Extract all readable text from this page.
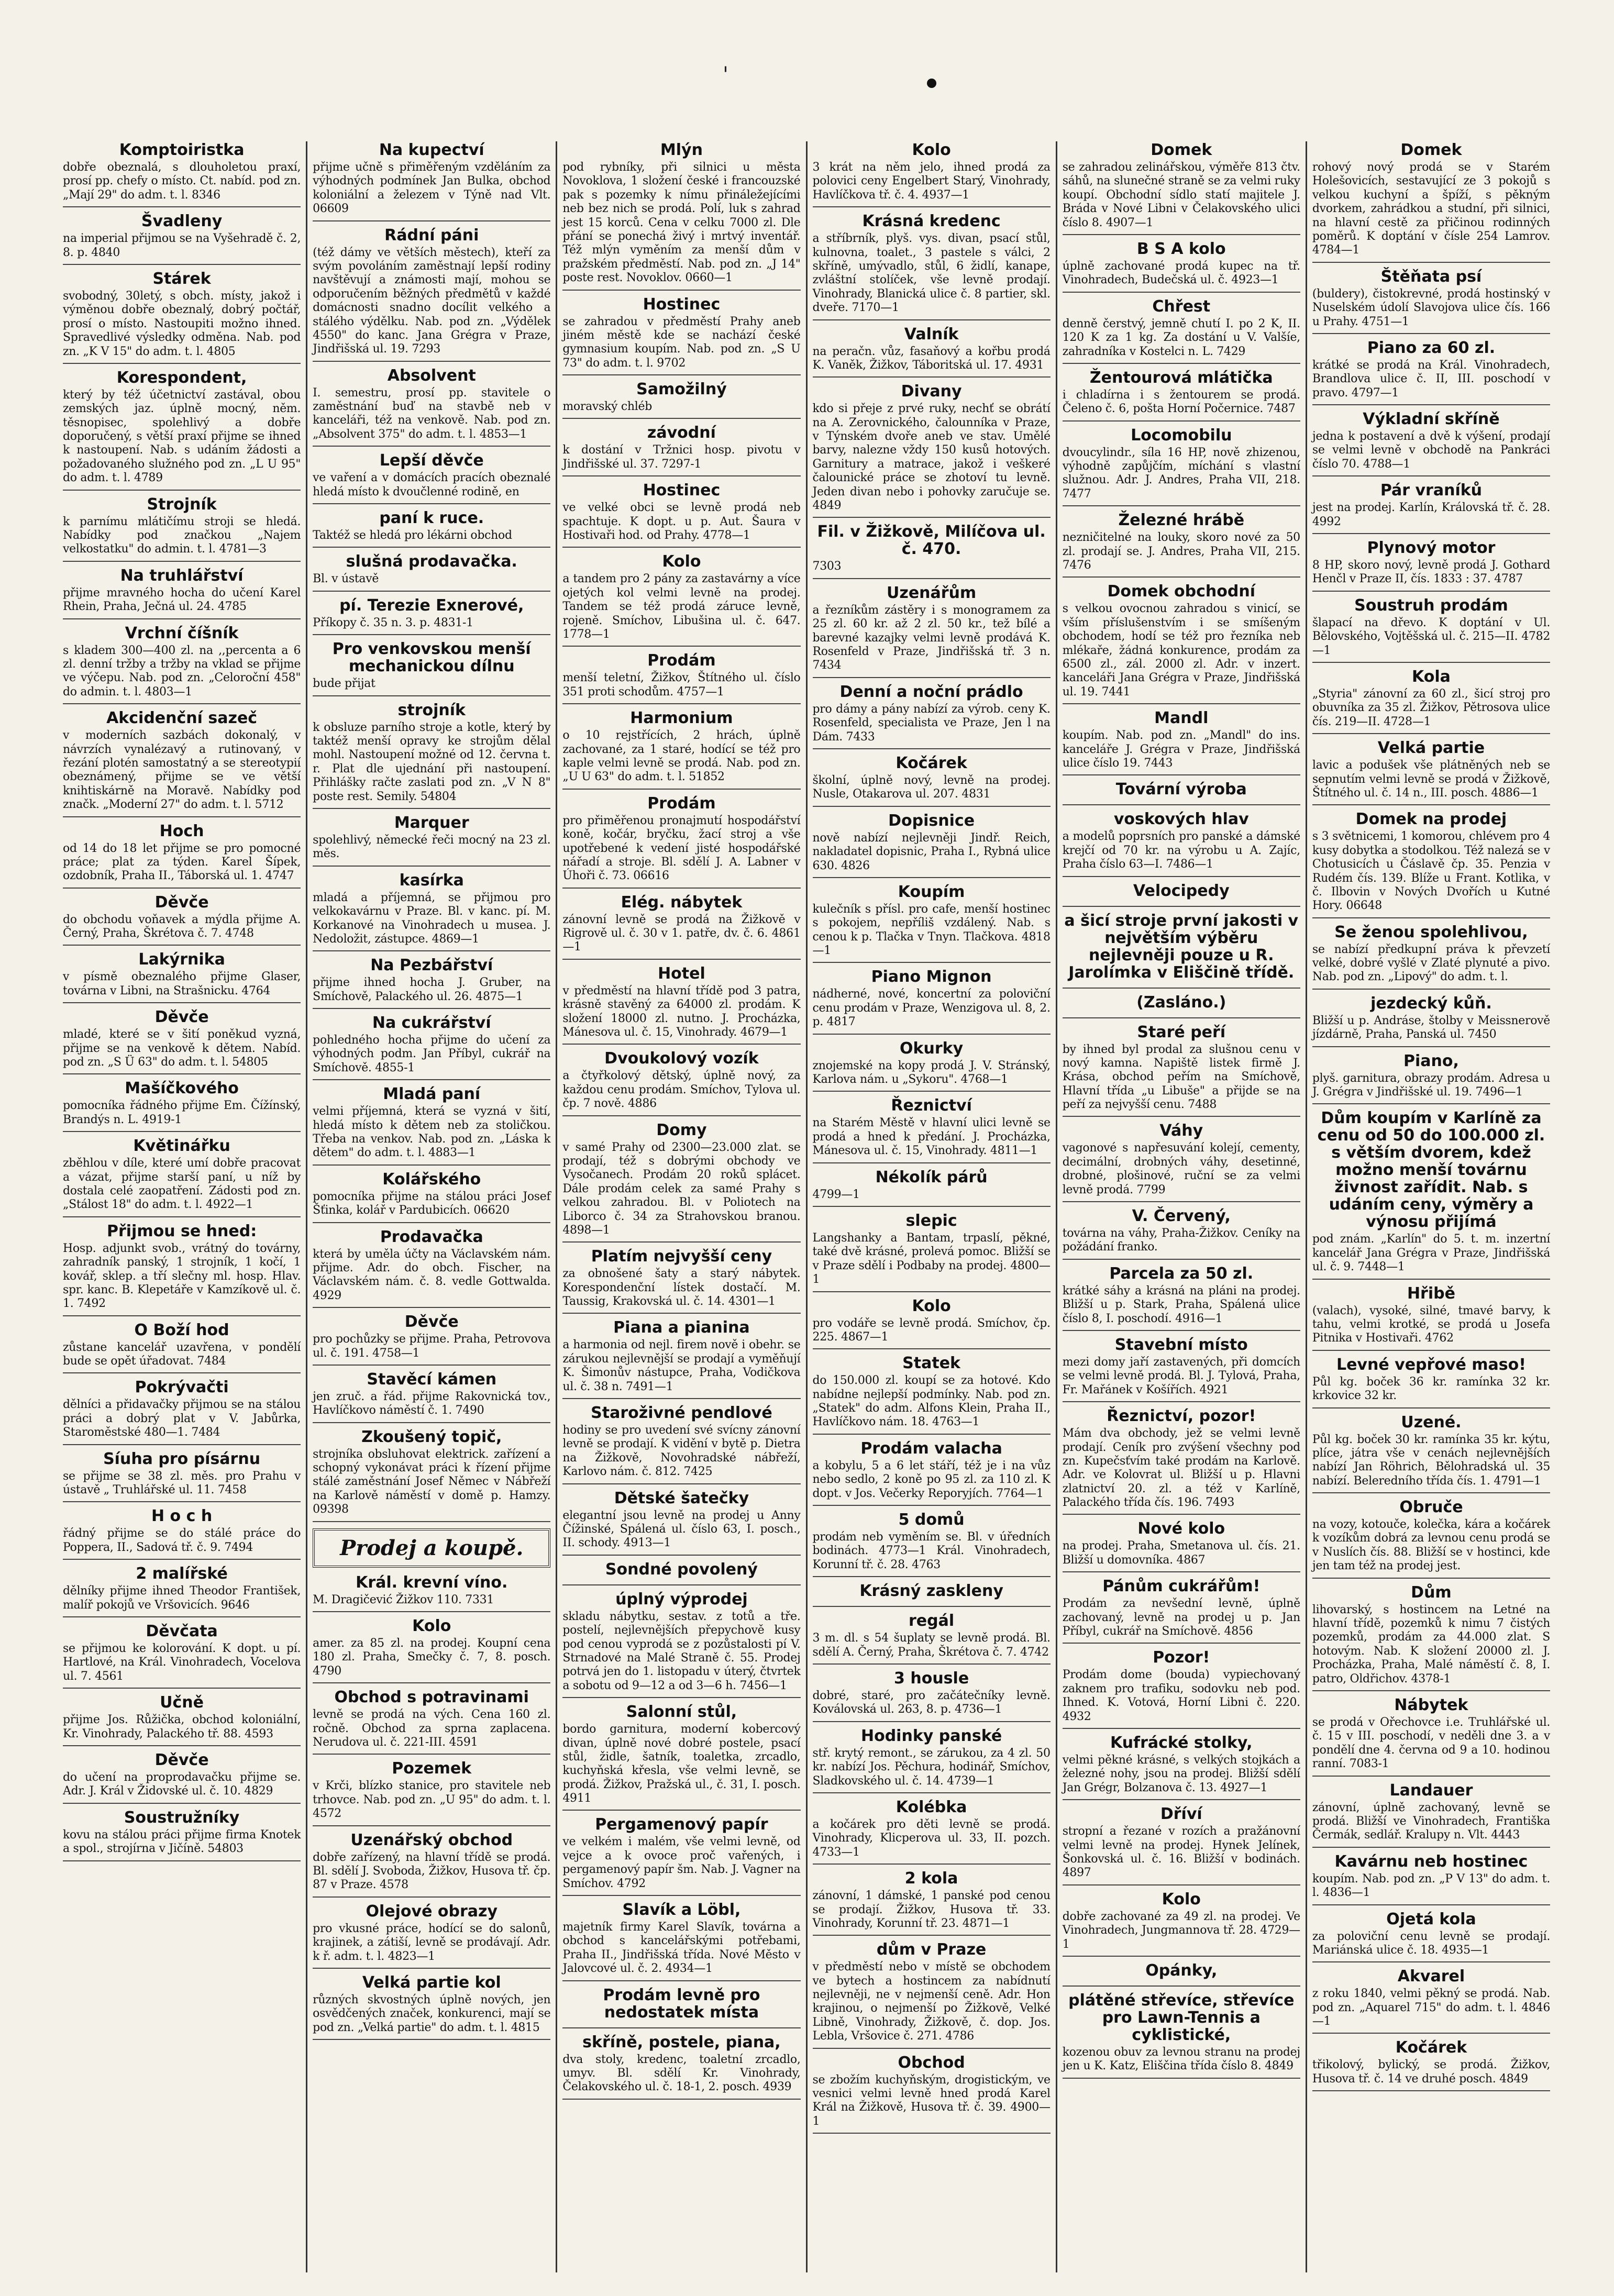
'
Komptoiristka

dobře obeznalá, s dlouholetou praxí, prosí pp. chefy o místo. Ct. nabíd. pod zn. „Mají 29" do adm. t. l. 8346

Švadleny

na imperial přijmou se na Vyšehradě č. 2, 8. p. 4840

Stárek

svobodný, 30letý, s obch. místy, jakož i výměnou dobře obeznalý, dobrý počtář, prosí o místo. Nastoupiti možno ihned. Spravedlivé výsledky odměna. Nab. pod zn. „K V 15" do adm. t. l. 4805

Korespondent,

který by též účetnictví zastával, obou zemských jaz. úplně mocný, něm. těsnopisec, spolehlivý a dobře doporučený, s větší praxí přijme se ihned k nastoupení. Nab. s udáním žádosti a požadovaného služného pod zn. „L U 95" do adm. t. l. 4789

Strojník

k parnímu mlátičímu stroji se hledá. Nabídky pod značkou „Najem velkostatku" do admin. t. l. 4781—3

Na truhlářství

přijme mravného hocha do učení Karel Rhein, Praha, Ječná ul. 24. 4785

Vrchní číšník

s kladem 300—400 zl. na ,,percenta a 6 zl. denní tržby a tržby na vklad se přijme ve výčepu. Nab. pod zn. „Celoroční 458" do admin. t. l. 4803—1

Akcidenční sazeč

v moderních sazbách dokonalý, v návrzích vynalézavý a rutinovaný, v řezání plotén samostatný a se stereotypií obeznámený, přijme se ve větší knihtiskárně na Moravě. Nabídky pod značk. „Moderní 27" do adm. t. l. 5712

Hoch

od 14 do 18 let přijme se pro pomocné práce; plat za týden. Karel Šípek, ozdobník, Praha II., Táborská ul. 1. 4747

Děvče

do obchodu voňavek a mýdla přijme A. Černý, Praha, Škrétova č. 7. 4748

Lakýrnika

v písmě obeznalého přijme Glaser, továrna v Libni, na Strašnicku. 4764

Děvče

mladé, které se v šití poněkud vyzná, přijme se na venkově k dětem. Nabíd. pod zn. „S Ü 63" do adm. t. l. 54805

Mašíčkového

pomocníka řádného přijme Em. Čížínský, Brandýs n. L. 4919-1

Květinářku

zběhlou v díle, které umí dobře pracovat a vázat, přijme starší paní, u níž by dostala celé zaopatření. Zádosti pod zn. „Stálost 18" do adm. t. l. 4922—1

Přijmou se hned:

Hosp. adjunkt svob., vrátný do továrny, zahradník panský, 1 strojník, 1 kočí, 1 kovář, sklep. a tří slečny ml. hosp. Hlav. spr. kanc. B. Klepetáře v Kamzíkově ul. č. 1. 7492

O Boží hod

zůstane kancelář uzavřena, v pondělí bude se opět úřadovat. 7484

Pokrývačti

dělníci a přidavačky přijmou se na stálou práci a dobrý plat v V. Jabůrka, Staroměstské 480—1. 7484

Síuha pro písárnu

se přijme se 38 zl. měs. pro Prahu v ústavě „ Truhlářské ul. 11. 7458

H o c h

řádný přijme se do stálé práce do Poppera, II., Sadová tř. č. 9. 7494

2 malířské

dělníky přijme ihned Theodor František, malíř pokojů ve Vršovicích. 9646

Děvčata

se přijmou ke kolorování. K dopt. u pí. Hartlové, na Král. Vinohradech, Vocelova ul. 7. 4561

Učně

přijme Jos. Růžička, obchod koloniální, Kr. Vinohrady, Palackého tř. 88. 4593

Děvče

do učení na proprodavačku přijme se. Adr. J. Král v Židovské ul. č. 10. 4829

Soustružníky

kovu na stálou práci přijme firma Knotek a spol., strojírna v Jičíně. 54803

Na kupectví

přijme učně s přiměřeným vzděláním za výhodných podmínek Jan Bulka, obchod koloniální a železem v Týně nad Vlt. 06609

Rádní páni

(též dámy ve větších městech), kteří za svým povoláním zaměstnají lepší rodiny navštěvují a známosti mají, mohou se odporučením běžných předmětů v každé domácnosti snadno docílit velkého a stálého výdělku. Nab. pod zn. „Výdělek 4550" do kanc. Jana Grégra v Praze, Jindřišská ul. 19. 7293

Absolvent

I. semestru, prosí pp. stavitele o zaměstnání buď na stavbě neb v kanceláři, též na venkově. Nab. pod zn. „Absolvent 375" do adm. t. l. 4853—1

Lepší děvče

ve vaření a v domácích pracích obeznalé hledá místo k dvoučlenné rodině, en

paní k ruce.

Taktéž se hledá pro lékárni obchod

slušná prodavačka.

Bl. v ústavě

pí. Terezie Exnerové,

Příkopy č. 35 n. 3. p. 4831-1

Pro venkovskou menší mechanickou dílnu

bude přijat

strojník

k obsluze parního stroje a kotle, který by taktéž menší opravy ke strojům dělal mohl. Nastoupení možné od 12. června t. r. Plat dle ujednání při nastoupení. Přihlášky račte zaslati pod zn. „V N 8" poste rest. Semily. 54804

Marquer

spolehlivý, německé řeči mocný na 23 zl. měs.

kasírka

mladá a příjemná, se přijmou pro velkokavárnu v Praze. Bl. v kanc. pí. M. Korkanové na Vinohradech u musea. J. Nedoložit, zástupce. 4869—1

Na Pezbářství

přijme ihned hocha J. Gruber, na Smíchově, Palackého ul. 26. 4875—1

Na cukrářství

pohledného hocha přijme do učení za výhodných podm. Jan Příbyl, cukrář na Smíchově. 4855-1

Mladá paní

velmi příjemná, která se vyzná v šití, hledá místo k dětem neb za stoličkou. Třeba na venkov. Nab. pod zn. „Láska k dětem" do adm. t. l. 4883—1

Kolářského

pomocníka přijme na stálou práci Josef Šťinka, kolář v Pardubicích. 06620

Prodavačka

která by uměla účty na Václavském nám. přijme. Adr. do obch. Fischer, na Václavském nám. č. 8. vedle Gottwalda. 4929

Děvče

pro pochůzky se přijme. Praha, Petrovova ul. č. 191. 4758—1

Stavěcí kámen

jen zruč. a řád. přijme Rakovnická tov., Havlíčkovo náměstí č. 1. 7490

Zkoušený topič,

strojníka obsluhovat elektrick. zařízení a schopný vykonávat práci k řízení přijme stálé zaměstnání Josef Němec v Nábřeží na Karlově náměstí v domě p. Hamzy. 09398

Prodej a koupě.
Král. krevní víno.

M. Dragičević Žižkov 110. 7331

Kolo

amer. za 85 zl. na prodej. Koupní cena 180 zl. Praha, Smečky č. 7, 8. posch. 4790

Obchod s potravinami

levně se prodá na vých. Cena 160 zl. ročně. Obchod za sprna zaplacena. Nerudova ul. č. 221-III. 4591

Pozemek

v Krči, blízko stanice, pro stavitele neb trhovce. Nab. pod zn. „U 95" do adm. t. l. 4572

Uzenářský obchod

dobře zařízený, na hlavní třídě se prodá. Bl. sdělí J. Svoboda, Žižkov, Husova tř. čp. 87 v Praze. 4578

Olejové obrazy

pro vkusné práce, hodící se do salonů, krajinek, a zátiší, levně se prodávají. Adr. k ř. adm. t. l. 4823—1

Velká partie kol

různých skvostných úplně nových, jen osvědčených značek, konkurenci, mají se pod zn. „Velká partie" do adm. t. l. 4815

Mlýn

pod rybníky, při silnici u města Novoklova, 1 složení české i francouzské pak s pozemky k nímu přináležejícími neb bez nich se prodá. Polí, luk s zahrad jest 15 korců. Cena v celku 7000 zl. Dle přání se ponechá živý i mrtvý inventář. Též mlýn vyměním za menší dům v pražském předměstí. Nab. pod zn. „J 14" poste rest. Novoklov. 0660—1

Hostinec

se zahradou v předměstí Prahy aneb jiném městě kde se nachází české gymnasium koupím. Nab. pod zn. „S U 73" do adm. t. l. 9702

Samožilný

moravský chléb

závodní

k dostání v Tržnici hosp. pivotu v Jindřišské ul. 37. 7297-1

Hostinec

ve velké obci se levně prodá neb spachtuje. K dopt. u p. Aut. Šaura v Hostivaři hod. od Prahy. 4778—1

Kolo

a tandem pro 2 pány za zastavárny a více ojetých kol velmi levně na prodej. Tandem se též prodá záruce levně, rojeně. Smíchov, Libušina ul. č. 647. 1778—1

Prodám

menší teletní, Žižkov, Štítného ul. číslo 351 proti schodům. 4757—1

Harmonium

o 10 rejstřících, 2 hrách, úplně zachované, za 1 staré, hodící se též pro kaple velmi levně se prodá. Nab. pod zn. „U U 63" do adm. t. l. 51852

Prodám

pro přiměřenou pronajmutí hospodářství koně, kočár, bryčku, žací stroj a vše upotřebené k vedení jisté hospodářské nářadí a stroje. Bl. sdělí J. A. Labner v Úhoři č. 73. 06616

Elég. nábytek

zánovní levně se prodá na Žižkově v Rigrově ul. č. 30 v 1. patře, dv. č. 6. 4861—1

Hotel

v předměstí na hlavní třídě pod 3 patra, krásně stavěný za 64000 zl. prodám. K složení 18000 zl. nutno. J. Procházka, Mánesova ul. č. 15, Vinohrady. 4679—1

Dvoukolový vozík

a čtyřkolový dětský, úplně nový, za každou cenu prodám. Smíchov, Tylova ul. čp. 7 nově. 4886

Domy

v samé Prahy od 2300—23.000 zlat. se prodají, též s dobrými obchody ve Vysočanech. Prodám 20 roků splácet. Dále prodám celek za samé Prahy s velkou zahradou. Bl. v Poliotech na Liborco č. 34 za Strahovskou branou. 4898—1

Platím nejvyšší ceny

za obnošené šaty a starý nábytek. Korespondenční lístek dostačí. M. Taussig, Krakovská ul. č. 14. 4301—1

Piana a pianina

a harmonia od nejl. firem nově i obehr. se zárukou nejlevnější se prodají a vyměňují K. Šimonův nástupce, Praha, Vodičkova ul. č. 38 n. 7491—1

Staroživné pendlové

hodiny se pro uvedení své svícny zánovní levně se prodají. K vidění v bytě p. Dietra na Žižkově, Novohradské nábřeží, Karlovo nám. č. 812. 7425

Dětské šatečky

elegantní jsou levně na prodej u Anny Čížinské, Spálená ul. číslo 63, I. posch., II. schody. 4913—1

Sondné povolený
úplný výprodej

skladu nábytku, sestav. z totů a tře. postelí, nejlevnějších přepychově kusy pod cenou vyprodá se z pozůstalosti pí V. Strnadové na Malé Straně č. 55. Prodej potrvá jen do 1. listopadu v úterý, čtvrtek a sobotu od 9—12 a od 3—6 h. 7456—1

Salonní stůl,

bordo garnitura, moderní kobercový divan, úplně nové dobré postele, psací stůl, židle, šatník, toaletka, zrcadlo, kuchyňská křesla, vše velmi levně, se prodá. Žižkov, Pražská ul., č. 31, I. posch. 4911

Pergamenový papír

ve velkém i malém, vše velmi levně, od vejce a k ovoce proč vařených, i pergamenový papír šm. Nab. J. Vagner na Smíchov. 4792

Slavík a Löbl,

majetník firmy Karel Slavík, továrna a obchod s kancelářskými potřebami, Praha II., Jindřišská třída. Nové Město v Jalovcové ul. č. 2. 4934—1

Prodám levně pro nedostatek místa
skříně, postele, piana,

dva stoly, kredenc, toaletní zrcadlo, umyv. Bl. sdělí Kr. Vinohrady, Čelakovského ul. č. 18-1, 2. posch. 4939

Kolo

3 krát na něm jelo, ihned prodá za polovici ceny Engelbert Starý, Vinohrady, Havlíčkova tř. č. 4. 4937—1

Krásná kredenc

a stříbrník, plyš. vys. divan, psací stůl, kulnovna, toalet., 3 pastele s válci, 2 skříně, umývadlo, stůl, 6 židlí, kanape, zvláštní stolíček, vše levně prodají. Vinohrady, Blanická ulice č. 8 partier, skl. dveře. 7170—1

Valník

na peračn. vůz, fasaňový a kořbu prodá K. Vaněk, Žižkov, Táboritská ul. 17. 4931

Divany

kdo si přeje z prvé ruky, nechť se obrátí na A. Zerovnického, čalounníka v Praze, v Týnském dvoře aneb ve stav. Umělé barvy, nalezne vždy 150 kusů hotových. Garnitury a matrace, jakož i veškeré čalounické práce se zhotoví tu levně. Jeden divan nebo i pohovky zaručuje se. 4849

Fil. v Žižkově, Milíčova ul. č. 470.

7303

Uzenářům

a řezníkům zástěry i s monogramem za 25 zl. 60 kr. až 2 zl. 50 kr., tež bílé a barevné kazajky velmi levně prodává K. Rosenfeld v Praze, Jindřišská tř. 3 n. 7434

Denní a noční prádlo

pro dámy a pány nabízí za výrob. ceny K. Rosenfeld, specialista ve Praze, Jen l na Dám. 7433

Kočárek

školní, úplně nový, levně na prodej. Nusle, Otakarova ul. 207. 4831

Dopisnice

nově nabízí nejlevněji Jindř. Reich, nakladatel dopisnic, Praha I., Rybná ulice 630. 4826

Koupím

kulečník s přísl. pro cafe, menší hostinec s pokojem, nepříliš vzdálený. Nab. s cenou k p. Tlačka v Tnyn. Tlačkova. 4818—1

Piano Mignon

nádherné, nové, koncertní za poloviční cenu prodám v Praze, Wenzigova ul. 8, 2. p. 4817

Okurky

znojemské na kopy prodá J. V. Stránský, Karlova nám. u „Sykoru". 4768—1

Řeznictví

na Starém Městě v hlavní ulici levně se prodá a hned k předání. J. Procházka, Mánesova ul. č. 15, Vinohrady. 4811—1

Nékolík párů

4799—1

slepic

Langshanky a Bantam, trpaslí, pěkné, také dvě krásné, prolevá pomoc. Bližší se v Praze sdělí i Podbaby na prodej. 4800—1

Kolo

pro vodáře se levně prodá. Smíchov, čp. 225. 4867—1

Statek

do 150.000 zl. koupí se za hotové. Kdo nabídne nejlepší podmínky. Nab. pod zn. „Statek" do adm. Alfons Klein, Praha II., Havlíčkovo nám. 18. 4763—1

Prodám valacha

a kobylu, 5 a 6 let stáří, též je i na vůz nebo sedlo, 2 koně po 95 zl. za 110 zl. K dopt. v Jos. Večerky Reporyjích. 7764—1

5 domů

prodám neb vyměním se. Bl. v úředních bodinách. 4773—1 Král. Vinohradech, Korunní tř. č. 28. 4763

Krásný zaskleny
regál

3 m. dl. s 54 šuplaty se levně prodá. Bl. sdělí A. Černý, Praha, Škrétova č. 7. 4742

3 housle

dobré, staré, pro začátečníky levně. Koválovská ul. 263, 8. p. 4736—1

Hodinky panské

stř. krytý remont., se zárukou, za 4 zl. 50 kr. nabízí Jos. Pěchura, hodinář, Smíchov, Sladkovského ul. č. 14. 4739—1

Kolébka

a kočárek pro děti levně se prodá. Vinohrady, Klicperova ul. 33, II. pozch. 4733—1

2 kola

zánovní, 1 dámské, 1 panské pod cenou se prodají. Žižkov, Husova tř. 33. Vinohrady, Korunní tř. 23. 4871—1

dům v Praze

v předměstí nebo v místě se obchodem ve bytech a hostincem za nabídnutí nejlevněji, ne v nejmenší ceně. Adr. Hon krajinou, o nejmenší po Žižkově, Velké Libně, Vinohrady, Žižkově, č. dop. Jos. Lebla, Vršovice č. 271. 4786

Obchod

se zbožím kuchyňským, drogistickým, ve vesnici velmi levně hned prodá Karel Král na Žižkově, Husova tř. č. 39. 4900—1

Domek

se zahradou zelinářskou, výměře 813 čtv. sáhů, na slunečné straně se za velmi ruky koupí. Obchodní sídlo statí majitele J. Bráda v Nové Libni v Čelakovského ulici číslo 8. 4907—1

B S A kolo

úplně zachované prodá kupec na tř. Vinohradech, Budečská ul. č. 4923—1

Chřest

denně čerstvý, jemně chutí I. po 2 K, II. 120 K za 1 kg. Za dostání u V. Valšíe, zahradníka v Kostelci n. L. 7429

Žentourová mlátička

i chladírna i s žentourem se prodá. Čeleno č. 6, pošta Horní Počernice. 7487

Locomobilu

dvoucylindr., síla 16 HP, nově zhizenou, výhodně zapůjčím, míchání s vlastní služnou. Adr. J. Andres, Praha VII, 218. 7477

Železné hrábě

nezničitelné na louky, skoro nové za 50 zl. prodají se. J. Andres, Praha VII, 215. 7476

Domek obchodní

s velkou ovocnou zahradou s vinicí, se vším příslušenstvím i se smíšeným obchodem, hodí se též pro řezníka neb mlékaře, žádná konkurence, prodám za 6500 zl., zál. 2000 zl. Adr. v inzert. kanceláři Jana Grégra v Praze, Jindřišská ul. 19. 7441

Mandl

koupím. Nab. pod zn. „Mandl" do ins. kanceláře J. Grégra v Praze, Jindřišská ulice číslo 19. 7443

Tovární výroba
voskových hlav

a modelů poprsních pro panské a dámské krejčí od 70 kr. na výrobu u A. Zajíc, Praha číslo 63—I. 7486—1

Velocipedy
a šicí stroje první jakosti v největším výběru nejlevněji pouze u R. Jarolímka v Eliščině třídě.
(Zasláno.)
Staré peří

by ihned byl prodal za slušnou cenu v nový kamna. Napiště listek firmě J. Krása, obchod peřím na Smíchově, Hlavní třída „u Libuše" a přijde se na peří za nejvyšší cenu. 7488

Váhy

vagonové s napřesuvání kolejí, cementy, decimální, drobných váhy, desetinné, drobné, plošinové, ruční se za velmi levně prodá. 7799

V. Červený,

továrna na váhy, Praha-Žižkov. Ceníky na požádání franko.

Parcela za 50 zl.

krátké sáhy a krásná na pláni na prodej. Bližší u p. Stark, Praha, Spálená ulice číslo 8, I. poschodí. 4916—1

Stavební místo

mezi domy jaří zastavených, při domcích se velmi levně prodá. Bl. J. Tylová, Praha, Fr. Mařánek v Košířích. 4921

Řeznictví, pozor!

Mám dva obchody, jež se velmi levně prodají. Ceník pro zvýšení všechny pod zn. Kupečsťvím také prodám na Karlově. Adr. ve Kolovrat ul. Bližší u p. Hlavni zlatnictví 20. zl. a též v Karlíně, Palackého třída čís. 196. 7493

Nové kolo

na prodej. Praha, Smetanova ul. čís. 21. Bližší u domovníka. 4867

Pánům cukrářům!

Prodám za nevšední levně, úplně zachovaný, levně na prodej u p. Jan Příbyl, cukrář na Smíchově. 4856

Pozor!

Prodám dome (bouda) vypiechovaný zaknem pro trafiku, sodovku neb pod. Ihned. K. Votová, Horní Libni č. 220. 4932

Kufrácké stolky,

velmi pěkné krásné, s velkých stojkách a železné nohy, jsou na prodej. Bližší sdělí Jan Grégr, Bolzanova č. 13. 4927—1

Dříví

stropní a řezané v rozích a pražánovní velmi levně na prodej. Hynek Jelínek, Šonkovská ul. č. 16. Bližší v bodinách. 4897

Kolo

dobře zachované za 49 zl. na prodej. Ve Vinohradech, Jungmannova tř. 28. 4729—1

Opánky,
plátěné střevíce, střevíce pro Lawn-Tennis a cyklistické,

kozenou obuv za levnou stranu na prodej jen u K. Katz, Eliščina třída číslo 8. 4849

Domek

rohový nový prodá se v Starém Holešovicích, sestavující ze 3 pokojů s velkou kuchyní a špíží, s pěkným dvorkem, zahrádkou a studní, při silnici, na hlavní cestě za přičinou rodinných poměrů. K doptání v čísle 254 Lamrov. 4784—1

Štěňata psí

(buldery), čistokrevné, prodá hostinský v Nuselském údolí Slavojova ulice čís. 166 u Prahy. 4751—1

Piano za 60 zl.

krátké se prodá na Král. Vinohradech, Brandlova ulice č. II, III. poschodí v pravo. 4797—1

Výkladní skříně

jedna k postavení a dvě k výšení, prodají se velmi levně v obchodě na Pankráci číslo 70. 4788—1

Pár vraníků

jest na prodej. Karlín, Královská tř. č. 28. 4992

Plynový motor

8 HP, skoro nový, levně prodá J. Gothard Henčl v Praze II, čís. 1833 : 37. 4787

Soustruh prodám

šlapací na dřevo. K doptání v Ul. Bělovského, Vojtěšská ul. č. 215—II. 4782—1

Kola

„Styria" zánovní za 60 zl., šicí stroj pro obuvníka za 35 zl. Žižkov, Pětrosova ulice čís. 219—II. 4728—1

Velká partie

lavic a podušek vše plátněných neb se sepnutím velmi levně se prodá v Žižkově, Štítného ul. č. 14 n., III. posch. 4886—1

Domek na prodej

s 3 světnicemi, 1 komorou, chlévem pro 4 kusy dobytka a stodolkou. Též nalezá se v Chotusicích u Čáslavě čp. 35. Penzia v Rudém čís. 139. Blíže u Frant. Kotlika, v č. Ilbovin v Nových Dvořích u Kutné Hory. 06648

Se ženou spolehlivou,

se nabízí předkupní práva k převzetí velké, dobré vyšlé v Zlaté plynuté a pivo. Nab. pod zn. „Lipový" do adm. t. l.

jezdecký kůň.

Bližší u p. Andráse, štolby v Meissnerově jízdárně, Praha, Panská ul. 7450

Piano,

plyš. garnitura, obrazy prodám. Adresa u J. Grégra v Jindřišské ul. 19. 7496—1

Dům koupím v Karlíně za cenu od 50 do 100.000 zl. s větším dvorem, kdež možno menší továrnu živnost zařídit. Nab. s udáním ceny, výměry a výnosu přijímá

pod znám. „Karlín" do 5. t. m. inzertní kancelář Jana Grégra v Praze, Jindřišská ul. č. 9. 7448—1

Hřibě

(valach), vysoké, silné, tmavé barvy, k tahu, velmi krotké, se prodá u Josefa Pitnika v Hostivaři. 4762

Levné vepřové maso!

Půl kg. boček 36 kr. ramínka 32 kr. krkovice 32 kr.

Uzené.

Půl kg. boček 30 kr. ramínka 35 kr. kýtu, plíce, játra vše v cenách nejlevnějších nabízí Jan Röhrich, Bělohradská ul. 35 nabízí. Beleredního třída čís. 1. 4791—1

Obruče

na vozy, kotouče, kolečka, kára a kočárek k vozíkům dobrá za levnou cenu prodá se v Nuslích čís. 88. Bližší se v hostinci, kde jen tam též na prodej jest.

Dům

lihovarský, s hostincem na Letné na hlavní třídě, pozemků k nimu 7 čistých pozemků, prodám za 44.000 zlat. S hotovým. Nab. K složení 20000 zl. J. Procházka, Praha, Malé náměstí č. 8, I. patro, Oldřichov. 4378-1

Nábytek

se prodá v Ořechovce i.e. Truhlářské ul. č. 15 v III. poschodí, v neděli dne 3. a v pondělí dne 4. června od 9 a 10. hodinou ranní. 7083-1

Landauer

zánovní, úplně zachovaný, levně se prodá. Bližší ve Vinohradech, Františka Čermák, sedlář. Kralupy n. Vlt. 4443

Kavárnu neb hostinec

koupím. Nab. pod zn. „P V 13" do adm. t. l. 4836—1

Ojetá kola

za poloviční cenu levně se prodají. Mariánská ulice č. 18. 4935—1

Akvarel

z roku 1840, velmi pěkný se prodá. Nab. pod zn. „Aquarel 715" do adm. t. l. 4846—1

Kočárek

třikolový, bylický, se prodá. Žižkov, Husova tř. č. 14 ve druhé posch. 4849
